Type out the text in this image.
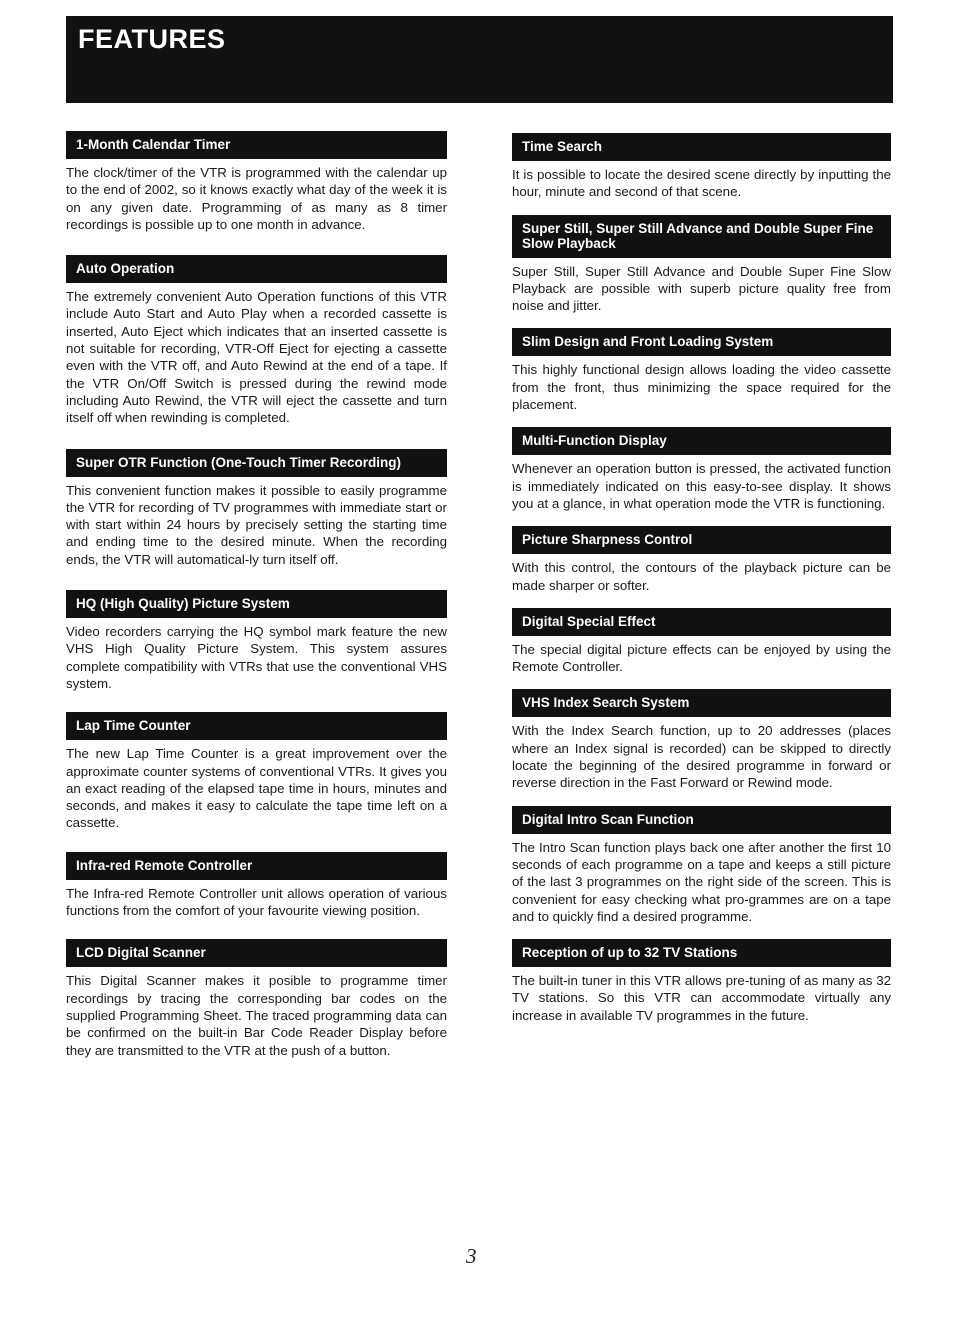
FEATURES
1-Month Calendar Timer

The clock/timer of the VTR is programmed with the calendar up to the end of 2002, so it knows exactly what day of the week it is on any given date. Programming of as many as 8 timer recordings is possible up to one month in advance.

Auto Operation

The extremely convenient Auto Operation functions of this VTR include Auto Start and Auto Play when a recorded cassette is inserted, Auto Eject which indicates that an inserted cassette is not suitable for recording, VTR-Off Eject for ejecting a cassette even with the VTR off, and Auto Rewind at the end of a tape. If the VTR On/Off Switch is pressed during the rewind mode including Auto Rewind, the VTR will eject the cassette and turn itself off when rewinding is completed.

Super OTR Function (One-Touch Timer Recording)

This convenient function makes it possible to easily programme the VTR for recording of TV programmes with immediate start or with start within 24 hours by precisely setting the starting time and ending time to the desired minute. When the recording ends, the VTR will automatical-ly turn itself off.

HQ (High Quality) Picture System

Video recorders carrying the HQ symbol mark feature the new VHS High Quality Picture System. This system assures complete compatibility with VTRs that use the conventional VHS system.

Lap Time Counter

The new Lap Time Counter is a great improvement over the approximate counter systems of conventional VTRs. It gives you an exact reading of the elapsed tape time in hours, minutes and seconds, and makes it easy to calculate the tape time left on a cassette.

Infra-red Remote Controller

The Infra-red Remote Controller unit allows operation of various functions from the comfort of your favourite viewing position.

LCD Digital Scanner

This Digital Scanner makes it posible to programme timer recordings by tracing the corresponding bar codes on the supplied Programming Sheet. The traced programming data can be confirmed on the built-in Bar Code Reader Display before they are transmitted to the VTR at the push of a button.

Time Search

It is possible to locate the desired scene directly by inputting the hour, minute and second of that scene.

Super Still, Super Still Advance and Double Super Fine Slow Playback

Super Still, Super Still Advance and Double Super Fine Slow Playback are possible with superb picture quality free from noise and jitter.

Slim Design and Front Loading System

This highly functional design allows loading the video cassette from the front, thus minimizing the space required for the placement.

Multi-Function Display

Whenever an operation button is pressed, the activated function is immediately indicated on this easy-to-see display. It shows you at a glance, in what operation mode the VTR is functioning.

Picture Sharpness Control

With this control, the contours of the playback picture can be made sharper or softer.

Digital Special Effect

The special digital picture effects can be enjoyed by using the Remote Controller.

VHS Index Search System

With the Index Search function, up to 20 addresses (places where an Index signal is recorded) can be skipped to directly locate the beginning of the desired programme in forward or reverse direction in the Fast Forward or Rewind mode.

Digital Intro Scan Function

The Intro Scan function plays back one after another the first 10 seconds of each programme on a tape and keeps a still picture of the last 3 programmes on the right side of the screen. This is convenient for easy checking what pro-grammes are on a tape and to quickly find a desired programme.

Reception of up to 32 TV Stations

The built-in tuner in this VTR allows pre-tuning of as many as 32 TV stations. So this VTR can accommodate virtually any increase in available TV programmes in the future.

3
